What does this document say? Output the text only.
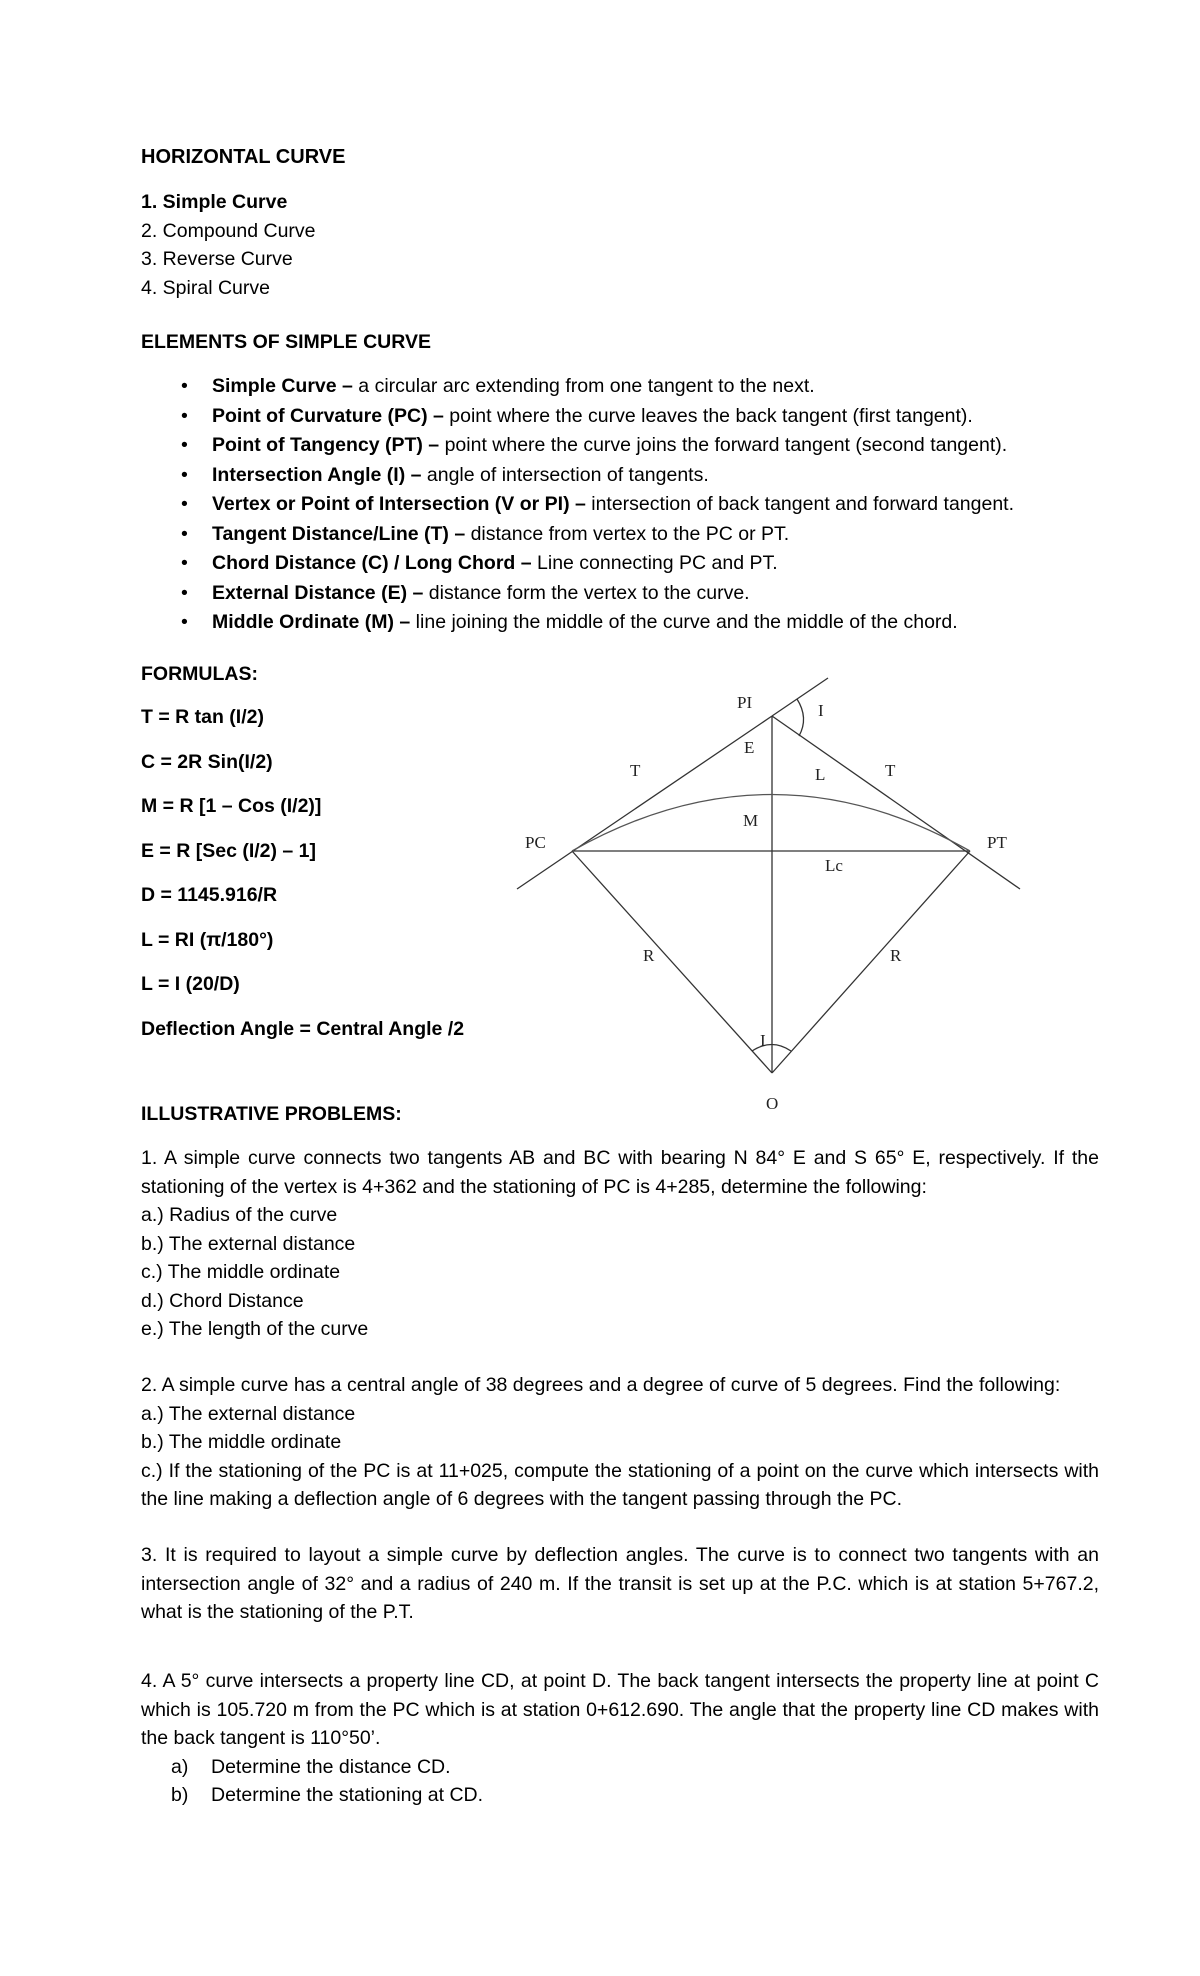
HORIZONTAL CURVE
1. Simple Curve
2. Compound Curve
3. Reverse Curve
4. Spiral Curve
ELEMENTS OF SIMPLE CURVE
• Simple Curve – a circular arc extending from one tangent to the next.
• Point of Curvature (PC) – point where the curve leaves the back tangent (first tangent).
• Point of Tangency (PT) – point where the curve joins the forward tangent (second tangent).
• Intersection Angle (I) – angle of intersection of tangents.
• Vertex or Point of Intersection (V or PI) – intersection of back tangent and forward tangent.
• Tangent Distance/Line (T) – distance from vertex to the PC or PT.
• Chord Distance (C) / Long Chord – Line connecting PC and PT.
• External Distance (E) – distance form the vertex to the curve.
• Middle Ordinate (M) – line joining the middle of the curve and the middle of the chord.
FORMULAS:
T = R tan (I/2)
C = 2R Sin(I/2)
M = R [1 – Cos (I/2)]
E = R [Sec (I/2) – 1]
D = 1145.916/R
L = RI (π/180°)
L = I (20/D)
Deflection Angle = Central Angle /2
PI	I
E
T	T
L
M
PC	PT
Lc
R	R
I
O
ILLUSTRATIVE PROBLEMS:

1. A simple curve connects two tangents AB and BC with bearing N 84° E and S 65° E, respectively. If the stationing of the vertex is 4+362 and the stationing of PC is 4+285, determine the following:

a.) Radius of the curve
b.) The external distance
c.) The middle ordinate
d.) Chord Distance
e.) The length of the curve

2. A simple curve has a central angle of 38 degrees and a degree of curve of 5 degrees. Find the following:

a.) The external distance
b.) The middle ordinate

c.) If the stationing of the PC is at 11+025, compute the stationing of a point on the curve which intersects with the line making a deflection angle of 6 degrees with the tangent passing through the PC.

3. It is required to layout a simple curve by deflection angles. The curve is to connect two tangents with an intersection angle of 32° and a radius of 240 m. If the transit is set up at the P.C. which is at station 5+767.2, what is the stationing of the P.T.

4. A 5° curve intersects a property line CD, at point D. The back tangent intersects the property line at point C which is 105.720 m from the PC which is at station 0+612.690. The angle that the property line CD makes with the back tangent is 110°50’.

a) Determine the distance CD.
b) Determine the stationing at CD.
